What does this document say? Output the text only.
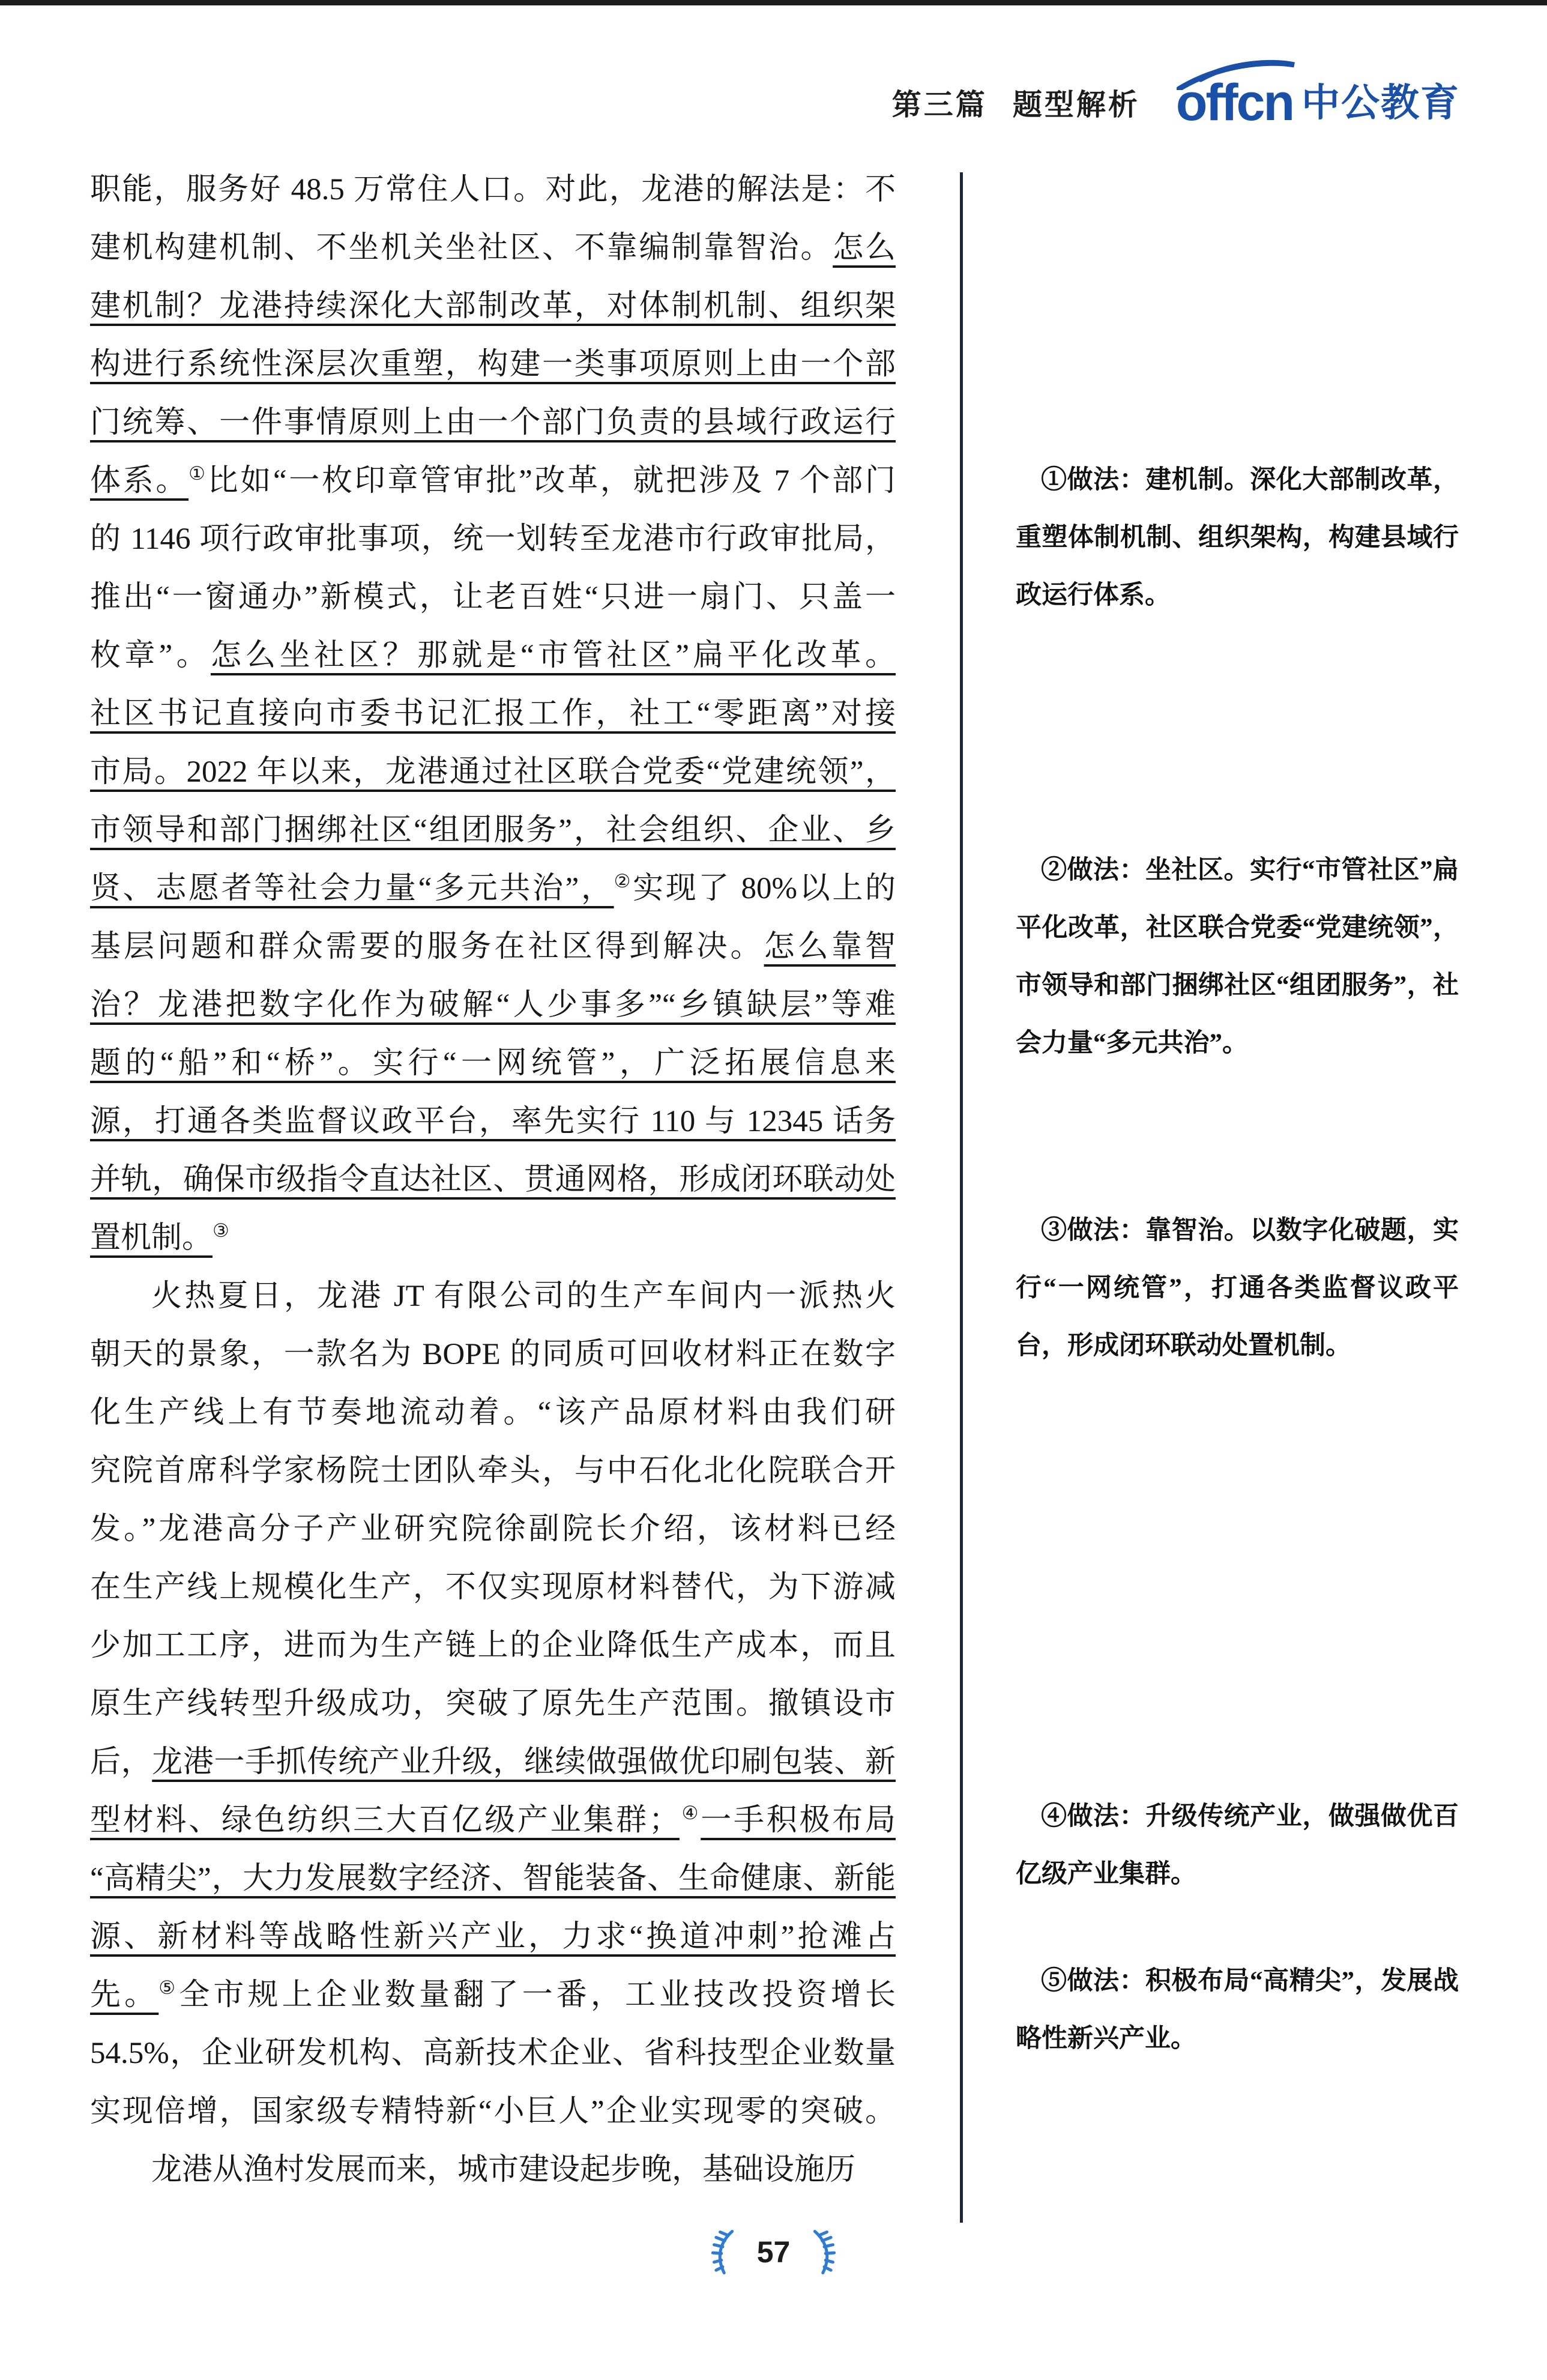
第三篇 题型解析 offcn 中公教育
职能，服务好 48.5 万常住人口。对此，龙港的解法是：不
建机构建机制、不坐机关坐社区、不靠编制靠智治。怎么
建机制？龙港持续深化大部制改革，对体制机制、组织架
构进行系统性深层次重塑，构建一类事项原则上由一个部
门统筹、一件事情原则上由一个部门负责的县域行政运行
体系。①比如“一枚印章管审批”改革，就把涉及 7 个部门
的 1146 项行政审批事项，统一划转至龙港市行政审批局，
推出“一窗通办”新模式，让老百姓“只进一扇门、只盖一
枚章”。怎么坐社区？那就是“市管社区”扁平化改革。
社区书记直接向市委书记汇报工作，社工“零距离”对接
市局。2022 年以来，龙港通过社区联合党委“党建统领”，
市领导和部门捆绑社区“组团服务”，社会组织、企业、乡
贤、志愿者等社会力量“多元共治”，②实现了 80%以上的
基层问题和群众需要的服务在社区得到解决。怎么靠智
治？龙港把数字化作为破解“人少事多”“乡镇缺层”等难
题的“船”和“桥”。实行“一网统管”，广泛拓展信息来
源，打通各类监督议政平台，率先实行 110 与 12345 话务
并轨，确保市级指令直达社区、贯通网格，形成闭环联动处
置机制。③
火热夏日，龙港 JT 有限公司的生产车间内一派热火
朝天的景象，一款名为 BOPE 的同质可回收材料正在数字
化生产线上有节奏地流动着。“该产品原材料由我们研
究院首席科学家杨院士团队牵头，与中石化北化院联合开
发。”龙港高分子产业研究院徐副院长介绍，该材料已经
在生产线上规模化生产，不仅实现原材料替代，为下游减
少加工工序，进而为生产链上的企业降低生产成本，而且
原生产线转型升级成功，突破了原先生产范围。撤镇设市
后，龙港一手抓传统产业升级，继续做强做优印刷包装、新
型材料、绿色纺织三大百亿级产业集群；④一手积极布局
“高精尖”，大力发展数字经济、智能装备、生命健康、新能
源、新材料等战略性新兴产业，力求“换道冲刺”抢滩占
先。⑤全市规上企业数量翻了一番，工业技改投资增长
54.5%，企业研发机构、高新技术企业、省科技型企业数量
实现倍增，国家级专精特新“小巨人”企业实现零的突破。
龙港从渔村发展而来，城市建设起步晚，基础设施历

①做法：建机制。深化大部制改革，重塑体制机制、组织架构，构建县域行政运行体系。

②做法：坐社区。实行“市管社区”扁平化改革，社区联合党委“党建统领”，市领导和部门捆绑社区“组团服务”，社会力量“多元共治”。

③做法：靠智治。以数字化破题，实行“一网统管”，打通各类监督议政平台，形成闭环联动处置机制。

④做法：升级传统产业，做强做优百亿级产业集群。

⑤做法：积极布局“高精尖”，发展战略性新兴产业。

57
